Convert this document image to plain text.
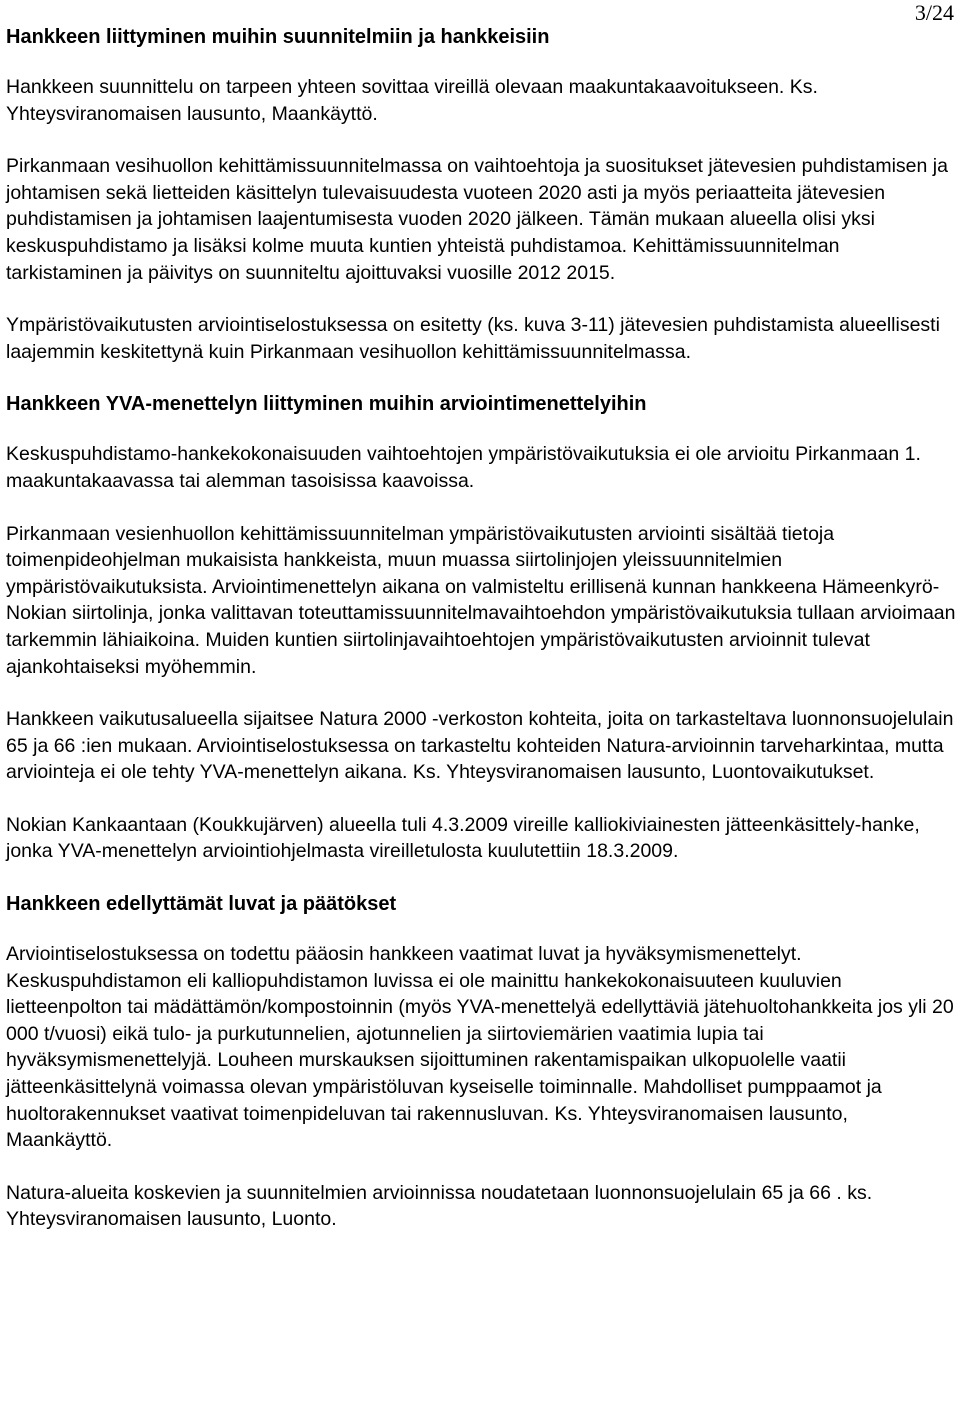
3/24
Hankkeen liittyminen muihin suunnitelmiin ja hankkeisiin

Hankkeen suunnittelu on tarpeen yhteen sovittaa vireillä olevaan maakuntakaavoitukseen. Ks. Yhteysviranomaisen lausunto, Maankäyttö.

Pirkanmaan vesihuollon kehittämissuunnitelmassa on vaihtoehtoja ja suositukset jätevesien puhdistamisen ja johtamisen sekä lietteiden käsittelyn tulevaisuudesta vuoteen 2020 asti ja myös periaatteita jätevesien puhdistamisen ja johtamisen laajentumisesta vuoden 2020 jälkeen. Tämän mukaan alueella olisi yksi keskuspuhdistamo ja lisäksi kolme muuta kuntien yhteistä puhdistamoa. Kehittämissuunnitelman tarkistaminen ja päivitys on suunniteltu ajoittuvaksi vuosille 2012 2015.

Ympäristövaikutusten arviointiselostuksessa on esitetty (ks. kuva 3-11) jätevesien puhdistamista alueellisesti laajemmin keskitettynä kuin Pirkanmaan vesihuollon kehittämissuunnitelmassa.

Hankkeen YVA-menettelyn liittyminen muihin arviointimenettelyihin

Keskuspuhdistamo-hankekokonaisuuden vaihtoehtojen ympäristövaikutuksia ei ole arvioitu Pirkanmaan 1. maakuntakaavassa tai alemman tasoisissa kaavoissa.

Pirkanmaan vesienhuollon kehittämissuunnitelman ympäristövaikutusten arviointi sisältää tietoja toimenpideohjelman mukaisista hankkeista, muun muassa siirtolinjojen yleissuunnitelmien ympäristövaikutuksista. Arviointimenettelyn aikana on valmisteltu erillisenä kunnan hankkeena Hämeenkyrö-Nokian siirtolinja, jonka valittavan toteuttamissuunnitelmavaihtoehdon ympäristövaikutuksia tullaan arvioimaan tarkemmin lähiaikoina. Muiden kuntien siirtolinjavaihtoehtojen ympäristövaikutusten arvioinnit tulevat ajankohtaiseksi myöhemmin.

Hankkeen vaikutusalueella sijaitsee Natura 2000 -verkoston kohteita, joita on tarkasteltava luonnonsuojelulain 65 ja 66 :ien mukaan. Arviointiselostuksessa on tarkasteltu kohteiden Natura-arvioinnin tarveharkintaa, mutta arviointeja ei ole tehty YVA-menettelyn aikana. Ks. Yhteysviranomaisen lausunto, Luontovaikutukset.

Nokian Kankaantaan (Koukkujärven) alueella tuli 4.3.2009 vireille kalliokiviainesten jätteenkäsittely-hanke, jonka YVA-menettelyn arviointiohjelmasta vireilletulosta kuulutettiin 18.3.2009.

Hankkeen edellyttämät luvat ja päätökset

Arviointiselostuksessa on todettu pääosin hankkeen vaatimat luvat ja hyväksymismenettelyt. Keskuspuhdistamon eli kalliopuhdistamon luvissa ei ole mainittu hankekokonaisuuteen kuuluvien lietteenpolton tai mädättämön/kompostoinnin (myös YVA-menettelyä edellyttäviä jätehuoltohankkeita jos yli 20 000 t/vuosi) eikä tulo- ja purkutunnelien, ajotunnelien ja siirtoviemärien vaatimia lupia tai hyväksymismenettelyjä. Louheen murskauksen sijoittuminen rakentamispaikan ulkopuolelle vaatii jätteenkäsittelynä voimassa olevan ympäristöluvan kyseiselle toiminnalle. Mahdolliset pumppaamot ja huoltorakennukset vaativat toimenpideluvan tai rakennusluvan. Ks. Yhteysviranomaisen lausunto, Maankäyttö.

Natura-alueita koskevien ja suunnitelmien arvioinnissa noudatetaan luonnonsuojelulain 65 ja 66 . ks. Yhteysviranomaisen lausunto, Luonto.
